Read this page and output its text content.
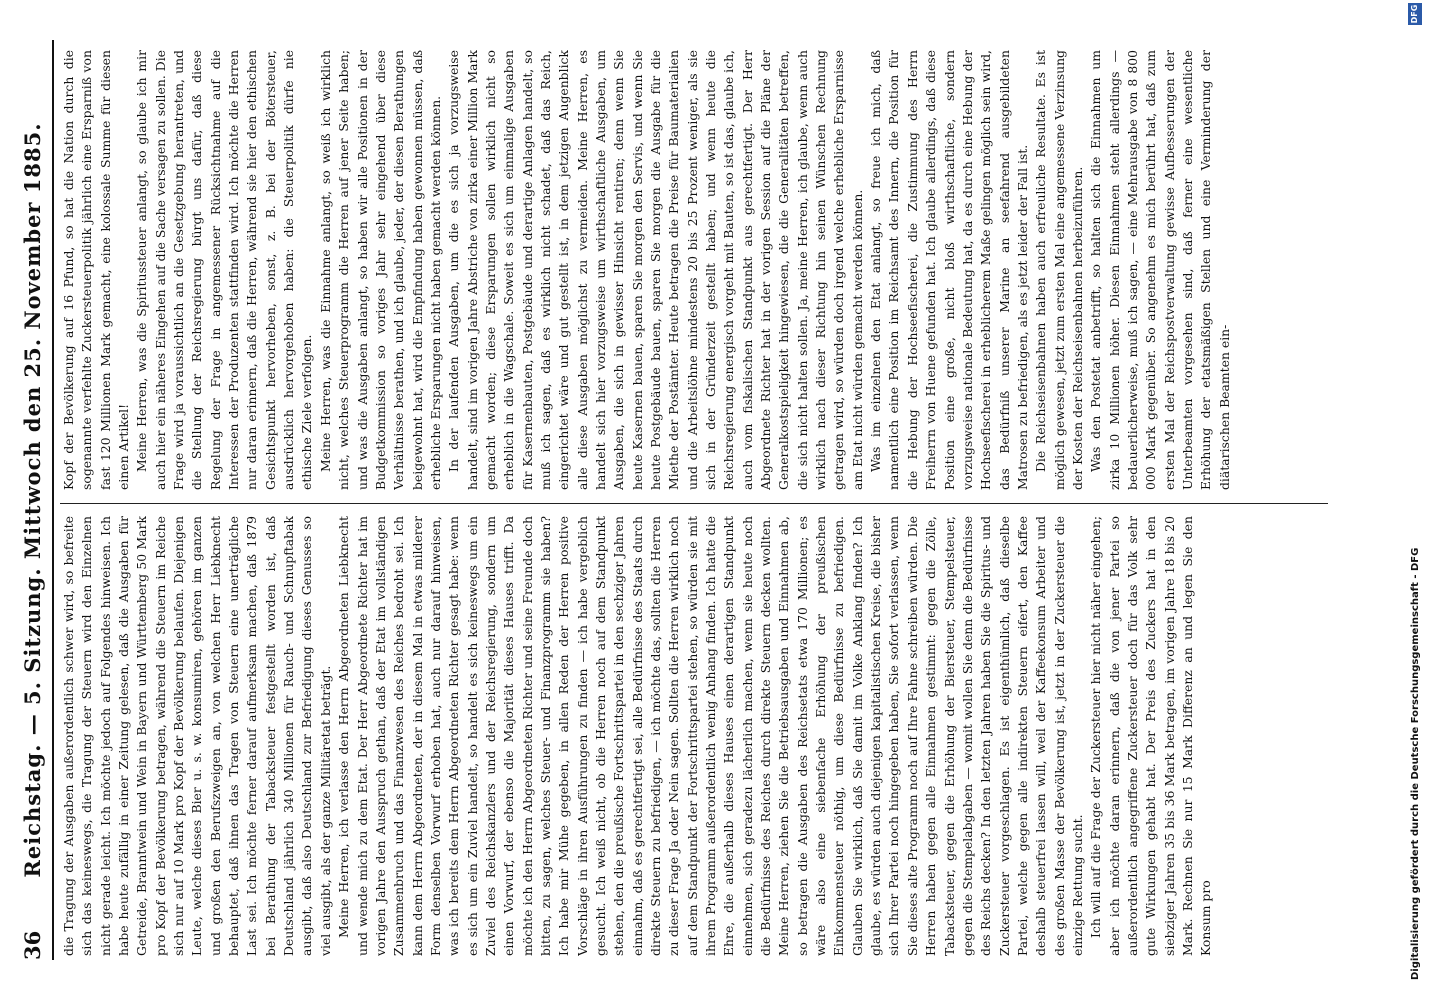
36
Reichstag. — 5. Sitzung. Mittwoch den 25. November 1885. die Tragung der Ausgaben außerordentlich schwer wird, so befreite sich das keineswegs, die Tragung der Steuern wird den Einzelnen nicht gerade leicht. Ich möchte jedoch auf Folgendes hinweisen. Ich habe heute zufällig in einer Zeitung gelesen, daß die Ausgaben für Getreide, Branntwein und Wein in Bayern und Württemberg 50 Mark pro Kopf der Bevölkerung betragen, während die Steuern im Reiche sich nur auf 10 Mark pro Kopf der Bevölkerung belaufen. Diejenigen Leute, welche dieses Bier u. s. w. konsumiren, gehören im ganzen und großen den Berufszweigen an, von welchen Herr Liebknecht behauptet, daß ihnen das Tragen von Steuern eine unerträgliche Last sei. Ich möchte ferner darauf aufmerksam machen, daß 1879 bei Berathung der Tabacksteuer festgestellt worden ist, daß Deutschland jährlich 340 Millionen für Rauch- und Schnupftabak ausgibt, daß also Deutschland zur Befriedigung dieses Genusses so viel ausgibt, als der ganze Militäretat beträgt. Meine Herren, ich verlasse den Herrn Abgeordneten Liebknecht und wende mich zu dem Etat. Der Herr Abgeordnete Richter hat im vorigen Jahre den Ausspruch gethan, daß der Etat im vollständigen Zusammenbruch und das Finanzwesen des Reiches bedroht sei. Ich kann dem Herrn Abgeordneten, der in diesem Mal in etwas milderer Form denselben Vorwurf erhoben hat, auch nur darauf hinweisen, was ich bereits dem Herrn Abgeordneten Richter gesagt habe: wenn es sich um ein Zuviel handelt, so handelt es sich keineswegs um ein Zuviel des Reichskanzlers und der Reichsregierung, sondern um einen Vorwurf, der ebenso die Majorität dieses Hauses trifft. Da möchte ich den Herrn Abgeordneten Richter und seine Freunde doch bitten, zu sagen, welches Steuer- und Finanzprogramm sie haben? Ich habe mir Mühe gegeben, in allen Reden der Herren positive Vorschläge in ihren Ausführungen zu finden — ich habe vergeblich gesucht. Ich weiß nicht, ob die Herren noch auf dem Standpunkt stehen, den die preußische Fortschrittspartei in den sechziger Jahren einnahm, daß es gerechtfertigt sei, alle Bedürfnisse des Staats durch direkte Steuern zu befriedigen, — ich möchte das, sollten die Herren zu dieser Frage Ja oder Nein sagen. Sollten die Herren wirklich noch auf dem Standpunkt der Fortschrittspartei stehen, so würden sie mit ihrem Programm außerordentlich wenig Anhang finden. Ich hatte die Ehre, die außerhalb dieses Hauses einen derartigen Standpunkt einnehmen, sich geradezu lächerlich machen, wenn sie heute noch die Bedürfnisse des Reiches durch direkte Steuern decken wollten. Meine Herren, ziehen Sie die Betriebsausgaben und Einnahmen ab, so betragen die Ausgaben des Reichsetats etwa 170 Millionen; es wäre also eine siebenfache Erhöhung der preußischen Einkommensteuer nöthig, um diese Bedürfnisse zu befriedigen. Glauben Sie wirklich, daß Sie damit im Volke Anklang finden? Ich glaube, es würden auch diejenigen kapitalistischen Kreise, die bisher sich Ihrer Partei noch hingegeben haben, Sie sofort verlassen, wenn Sie dieses alte Programm noch auf Ihre Fahne schreiben würden. Die Herren haben gegen alle Einnahmen gestimmt: gegen die Zölle, Tabacksteuer, gegen die Erhöhung der Biersteuer, Stempelsteuer, gegen die Stempelabgaben — womit wollen Sie denn die Bedürfnisse des Reichs decken? In den letzten Jahren haben Sie die Spiritus- und Zuckersteuer vorgeschlagen. Es ist eigenthümlich, daß dieselbe Partei, welche gegen alle indirekten Steuern eifert, den Kaffee deshalb steuerfrei lassen will, weil der Kaffeekonsum Arbeiter und des großen Masse der Bevölkerung ist, jetzt in der Zuckersteuer die einzige Rettung sucht. Ich will auf die Frage der Zuckersteuer hier nicht näher eingehen; aber ich möchte daran erinnern, daß die von jener Partei so außerordentlich angegriffene Zuckersteuer doch für das Volk sehr gute Wirkungen gehabt hat. Der Preis des Zuckers hat in den siebziger Jahren 35 bis 36 Mark betragen, im vorigen Jahre 18 bis 20 Mark. Rechnen Sie nur 15 Mark Differenz an und legen Sie den Konsum pro

Kopf der Bevölkerung auf 16 Pfund, so hat die Nation durch die sogenannte verfehlte Zuckersteuerpolitik jährlich eine Ersparniß von fast 120 Millionen Mark gemacht, eine kolossale Summe für diesen einen Artikel! Meine Herren, was die Spiritussteuer anlangt, so glaube ich mir auch hier ein näheres Eingehen auf die Sache versagen zu sollen. Die Frage wird ja voraussichtlich an die Gesetzgebung herantreten, und die Stellung der Reichsregierung bürgt uns dafür, daß diese Regelung der Frage in angemessener Rücksichtnahme auf die Interessen der Produzenten stattfinden wird. Ich möchte die Herren nur daran erinnern, daß die Herren, während sie hier den ethischen Gesichtspunkt hervorheben, sonst, z. B. bei der Bötersteuer, ausdrücklich hervorgehoben haben: die Steuerpolitik dürfe nie ethische Ziele verfolgen. Meine Herren, was die Einnahme anlangt, so weiß ich wirklich nicht, welches Steuerprogramm die Herren auf jener Seite haben; und was die Ausgaben anlangt, so haben wir alle Positionen in der Budgetkommission so voriges Jahr sehr eingehend über diese Verhältnisse berathen, und ich glaube, jeder, der diesen Berathungen beigewohnt hat, wird die Empfindung haben gewonnen müssen, daß erhebliche Ersparungen nicht haben gemacht werden können. In der laufenden Ausgaben, um die es sich ja vorzugsweise handelt, sind im vorigen Jahre Abstriche von zirka einer Million Mark gemacht worden; diese Ersparungen sollen wirklich nicht so erheblich in die Wagschale. Soweit es sich um einmalige Ausgaben für Kasernenbauten, Postgebäude und derartige Anlagen handelt, so muß ich sagen, daß es wirklich nicht schadet, daß das Reich, eingerichtet wäre und gut gestellt ist, in dem jetzigen Augenblick alle diese Ausgaben möglichst zu vermeiden. Meine Herren, es handelt sich hier vorzugsweise um wirthschaftliche Ausgaben, um Ausgaben, die sich in gewisser Hinsicht rentiren; denn wenn Sie heute Kasernen bauen, sparen Sie morgen den Servis, und wenn Sie heute Postgebäude bauen, sparen Sie morgen die Ausgabe für die Miethe der Postämter. Heute betragen die Preise für Baumaterialien und die Arbeitslöhne mindestens 20 bis 25 Prozent weniger, als sie sich in der Gründerzeit gestellt haben; und wenn heute die Reichsregierung energisch vorgeht mit Bauten, so ist das, glaube ich, auch vom fiskalischen Standpunkt aus gerechtfertigt. Der Herr Abgeordnete Richter hat in der vorigen Session auf die Pläne der Generalkostspieligkeit hingewiesen, die die Generalitäten betreffen, die sich nicht halten sollen. Ja, meine Herren, ich glaube, wenn auch wirklich nach dieser Richtung hin seinen Wünschen Rechnung getragen wird, so würden doch irgend welche erhebliche Ersparnisse am Etat nicht würden gemacht werden können. Was im einzelnen den Etat anlangt, so freue ich mich, daß namentlich eine Position im Reichsamt des Innern, die Position für die Hebung der Hochseefischerei, die Zustimmung des Herrn Freiherrn von Huene gefunden hat. Ich glaube allerdings, daß diese Position eine große, nicht bloß wirthschaftliche, sondern vorzugsweise nationale Bedeutung hat, da es durch eine Hebung der Hochseefischerei in erheblicherem Maße gelingen möglich sein wird, das Bedürfniß unserer Marine an seefahrend ausgebildeten Matrosen zu befriedigen, als es jetzt leider der Fall ist. Die Reichseisenbahnen haben auch erfreuliche Resultate. Es ist möglich gewesen, jetzt zum ersten Mal eine angemessene Verzinsung der Kosten der Reichseisenbahnen herbeizuführen. Was den Postetat anbetrifft, so halten sich die Einnahmen um zirka 10 Millionen höher. Diesen Einnahmen steht allerdings — bedauerlicherweise, muß ich sagen, — eine Mehrausgabe von 8 800 000 Mark gegenüber. So angenehm es mich berührt hat, daß zum ersten Mal der Reichspostverwaltung gewisse Aufbesserungen der Unterbeamten vorgesehen sind, daß ferner eine wesentliche Erhöhung der etatsmäßigen Stellen und eine Verminderung der diätarischen Beamten ein-

Digitalisierung gefördert durch die Deutsche Forschungsgemeinschaft - DFG
DFG
